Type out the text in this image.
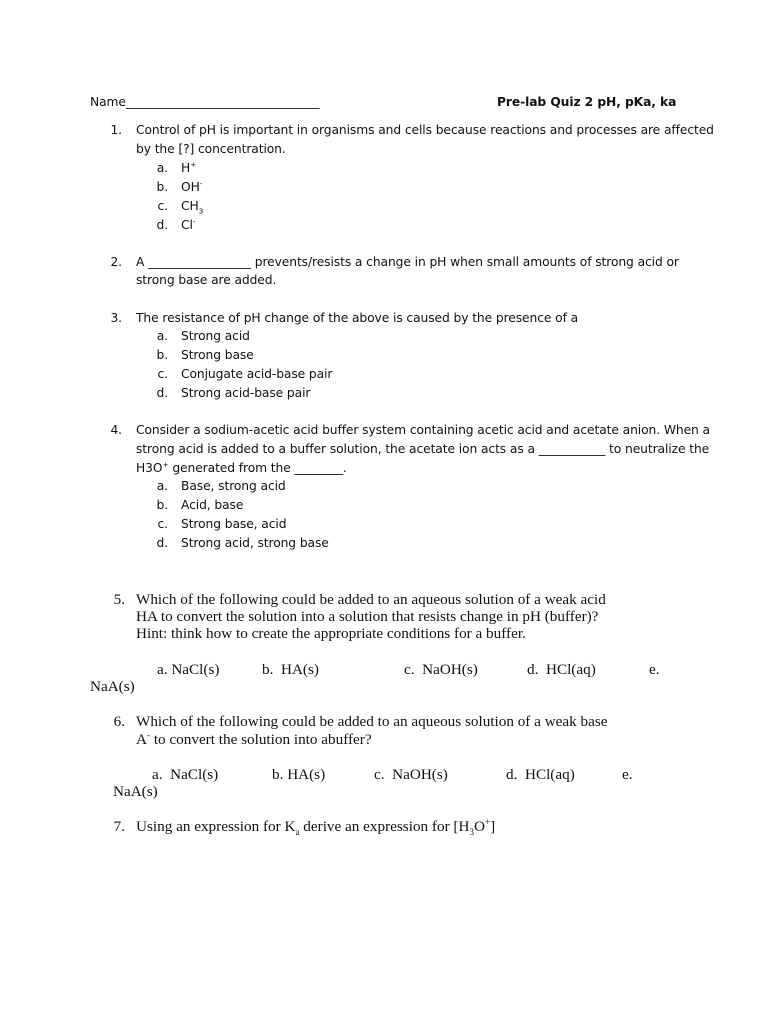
Name________________________________	Pre-lab Quiz 2 pH, pKa, ka
1. Control of pH is important in organisms and cells because reactions and processes are affected
by the [?] concentration.
a. H+
b. OH-
c. $CH_3$
d. Cl-
2. A _________________ prevents/resists a change in pH when small amounts of strong acid or
strong base are added.
3. The resistance of pH change of the above is caused by the presence of a
a. Strong acid
b. Strong base
c. Conjugate acid-base pair
d. Strong acid-base pair
4. Consider a sodium-acetic acid buffer system containing acetic acid and acetate anion. When a
strong acid is added to a buffer solution, the acetate ion acts as a ___________ to neutralize the
H3O+ generated from the ________.
a. Base, strong acid
b. Acid, base
c. Strong base, acid
d. Strong acid, strong base
5. Which of the following could be added to an aqueous solution of a weak acid
HA to convert the solution into a solution that resists change in pH (buffer)?
Hint: think how to create the appropriate conditions for a buffer.
a. NaCl(s)	b. HA(s)	c. NaOH(s)	d. HCl(aq)	e.
NaA(s)
6. Which of the following could be added to an aqueous solution of a weak base
A- to convert the solution into abuffer?
a. NaCl(s)	b. HA(s)	c. NaOH(s)	d. HCl(aq)	e.
NaA(s)
7. Using an expression for $K_a$ derive an expression for $[H_3O^+]$
